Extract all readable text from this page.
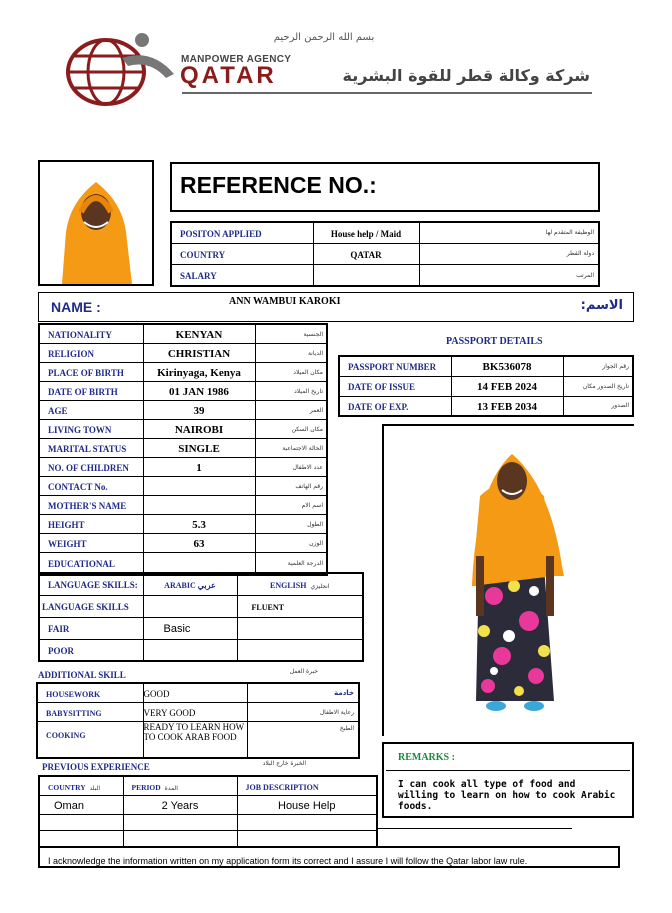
بسم الله الرحمن الرحيم
MANPOWER AGENCY
QATAR	شركة وكالة قطر للقوة البشرية
REFERENCE NO.:
POSITON APPLIED	House help / Maid	الوظيفة المتقدم لها

COUNTRY	QATAR	دولة القطر

SALARY		المرتب
NAME :	ANN WAMBUI KAROKI	الاسم:
NATIONALITY	KENYAN	الجنسية

RELIGION	CHRISTIAN	الديانة

PLACE OF BIRTH	Kirinyaga, Kenya	مكان الميلاد

DATE OF BIRTH	01 JAN 1986	تاريخ الميلاد

AGE	39	العمر

LIVING TOWN	NAIROBI	مكان السكن

MARITAL STATUS	SINGLE	الحالة الاجتماعية

NO. OF CHILDREN	1	عدد الاطفال

CONTACT No.		رقم الهاتف

MOTHER'S NAME		اسم الام

HEIGHT	5.3	الطول

WEIGHT	63	الوزن

EDUCATIONAL		الدرجة العلمية
PASSPORT DETAILS
PASSPORT NUMBER	BK536078	رقم الجواز

DATE OF ISSUE	14 FEB 2024	تاريخ الصدور مكان

DATE OF EXP.	13 FEB 2034	الصدور
LANGUAGE SKILLS:	ARABIC عربي	ENGLISH انجليزي
LANGUAGE SKILLS		FLUENT
FAIR	Basic	
POOR		
ADDITIONAL SKILL	خبرة العمل
HOUSEWORK	GOOD	خادمة

BABYSITTING	VERY GOOD	رعاية الاطفال

COOKING	READY TO LEARN HOW TO COOK ARAB FOOD	الطبخ
REMARKS :
I can cook all type of food and willing to learn on how to cook Arabic foods.
PREVIOUS EXPERIENCE	الخبرة خارج البلاد
COUNTRY البلد	PERIOD المدة	JOB DESCRIPTION
Oman	2 Years	House Help

I acknowledge the information written on my application form its correct and I assure I will follow the Qatar labor law rule.
